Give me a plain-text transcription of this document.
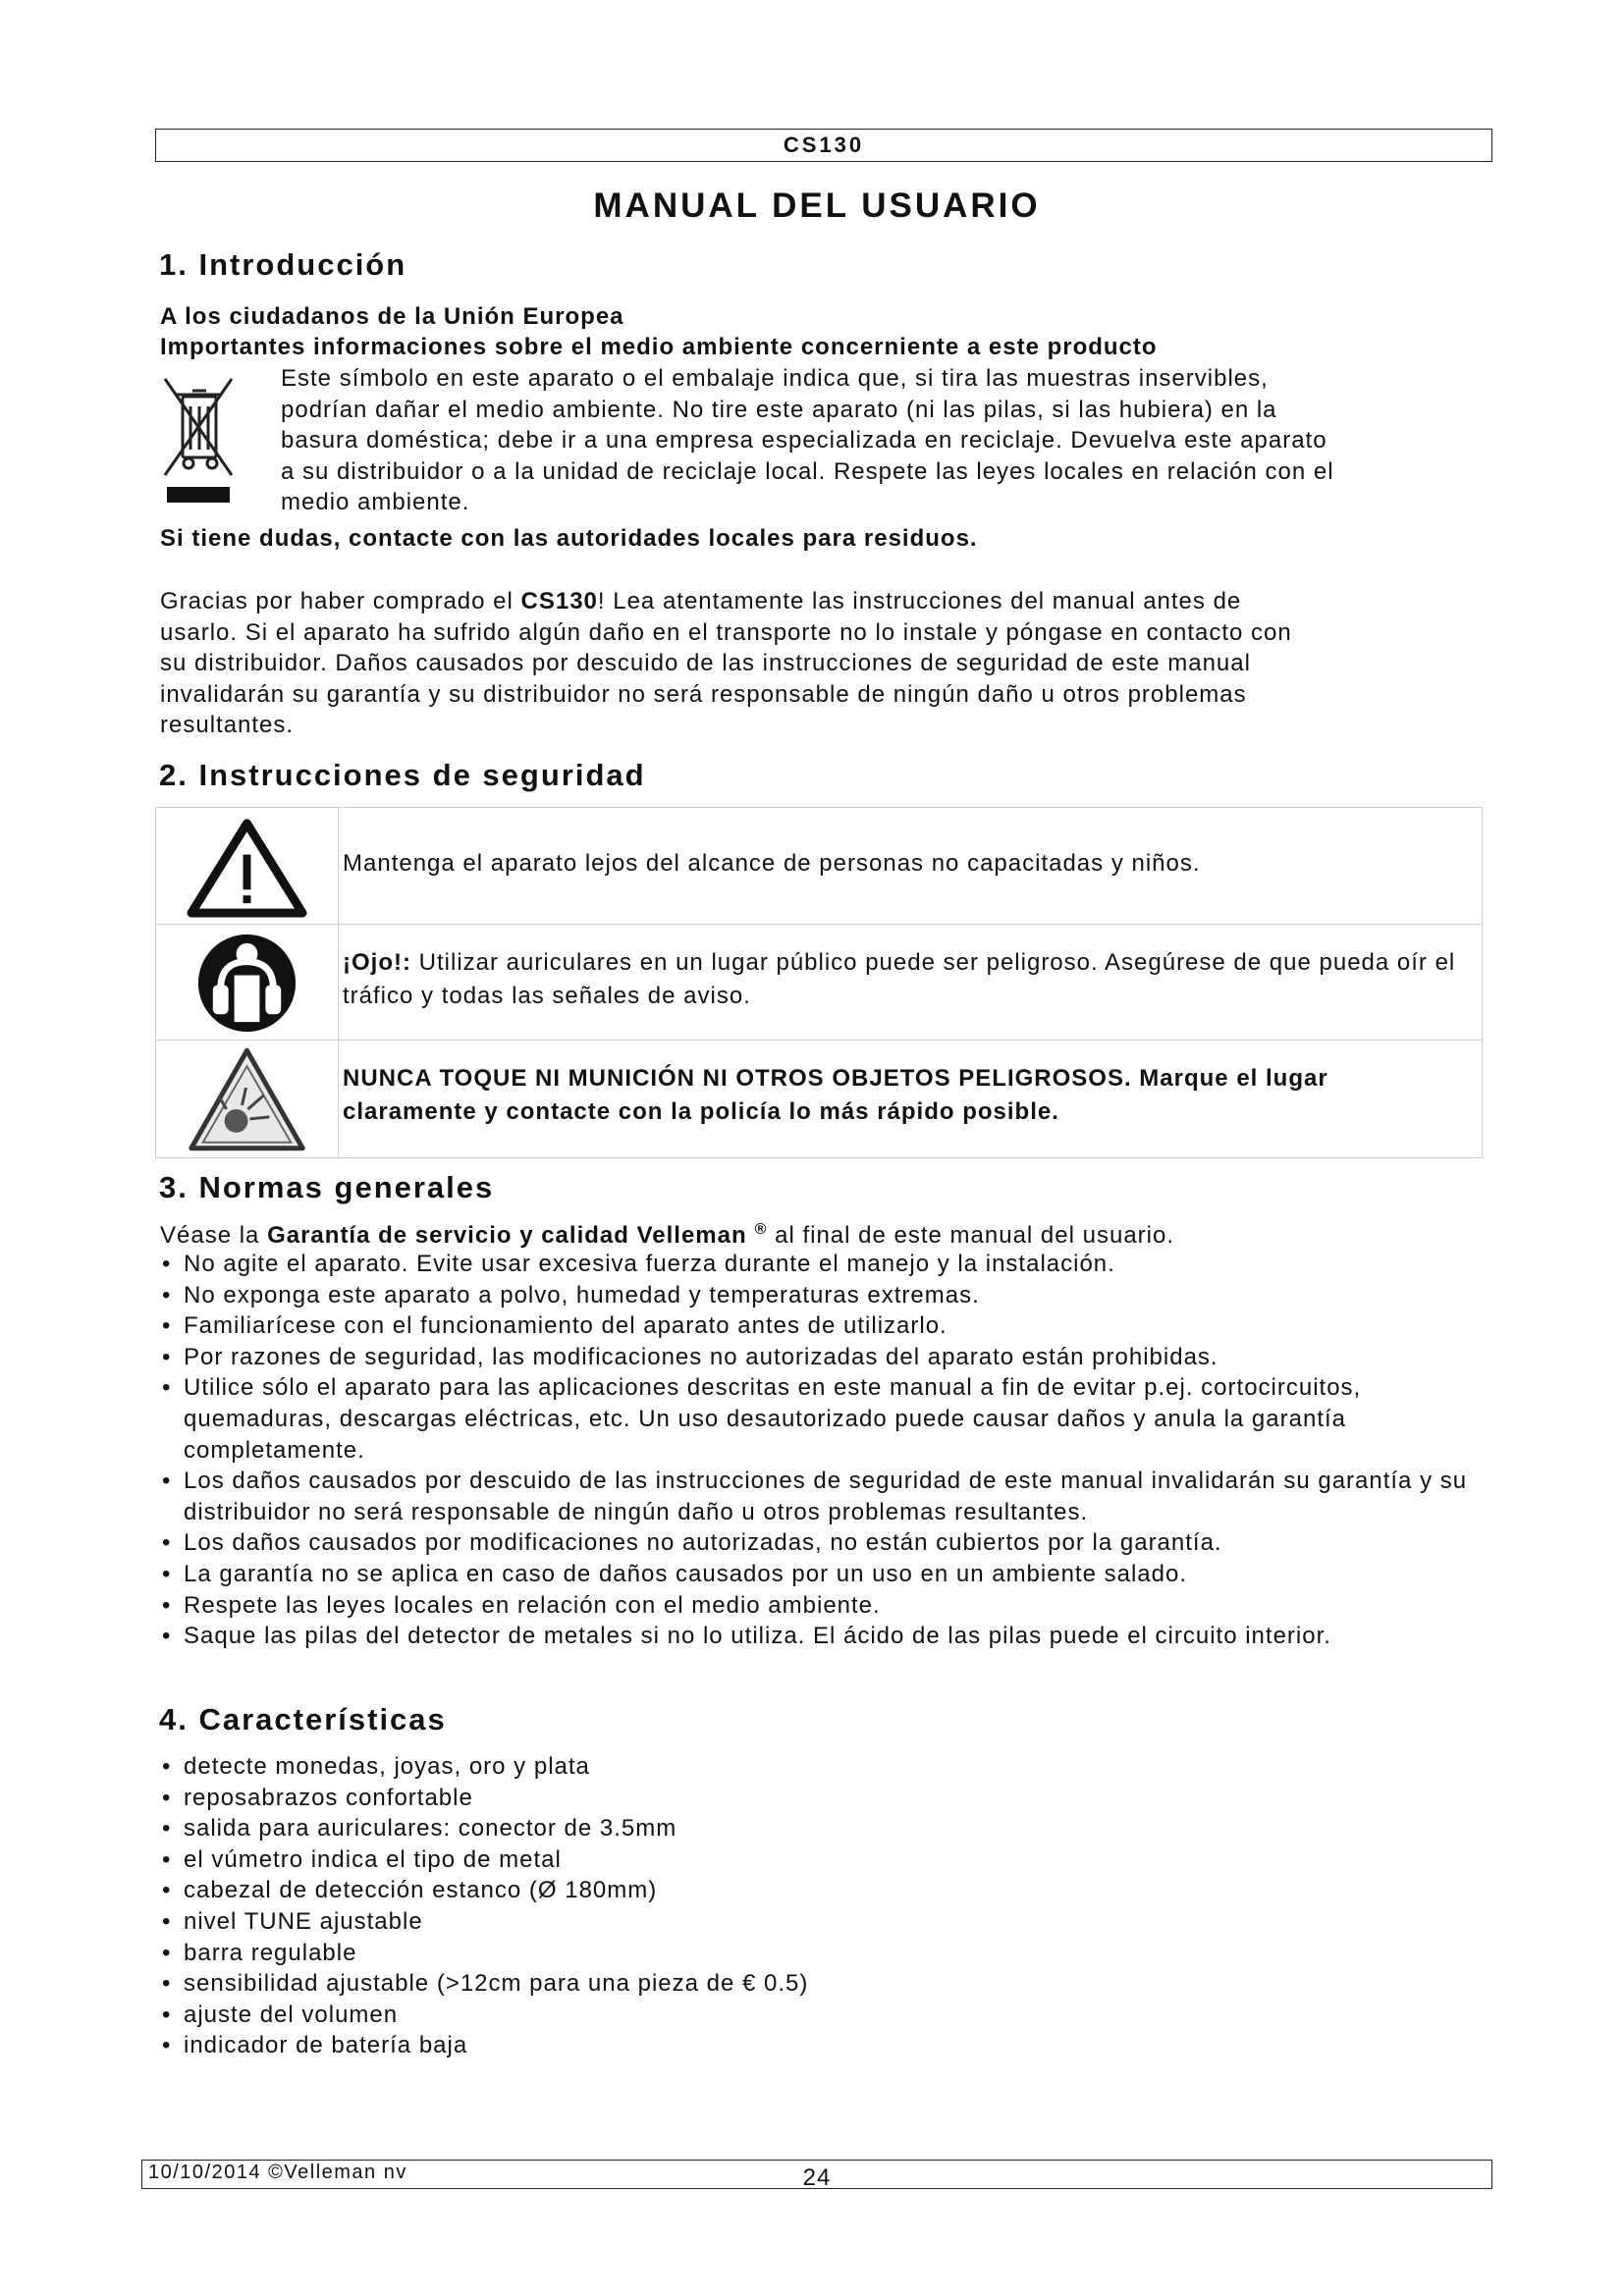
CS130
MANUAL DEL USUARIO
1. Introducción
A los ciudadanos de la Unión Europea
Importantes informaciones sobre el medio ambiente concerniente a este producto

Este símbolo en este aparato o el embalaje indica que, si tira las muestras inservibles,

podrían dañar el medio ambiente. No tire este aparato (ni las pilas, si las hubiera) en la

basura doméstica; debe ir a una empresa especializada en reciclaje. Devuelva este aparato

a su distribuidor o a la unidad de reciclaje local. Respete las leyes locales en relación con el

medio ambiente.

Si tiene dudas, contacte con las autoridades locales para residuos.

Gracias por haber comprado el CS130! Lea atentamente las instrucciones del manual antes de

usarlo. Si el aparato ha sufrido algún daño en el transporte no lo instale y póngase en contacto con

su distribuidor. Daños causados por descuido de las instrucciones de seguridad de este manual

invalidarán su garantía y su distribuidor no será responsable de ningún daño u otros problemas

resultantes.

2. Instrucciones de seguridad
Mantenga el aparato lejos del alcance de personas no capacitadas y niños.
¡Ojo!: Utilizar auriculares en un lugar público puede ser peligroso. Asegúrese de que pueda oír el tráfico y todas las señales de aviso.
NUNCA TOQUE NI MUNICIÓN NI OTROS OBJETOS PELIGROSOS. Marque el lugar claramente y contacte con la policía lo más rápido posible.
3. Normas generales
Véase la Garantía de servicio y calidad Velleman ® al final de este manual del usuario.
• No agite el aparato. Evite usar excesiva fuerza durante el manejo y la instalación.
• No exponga este aparato a polvo, humedad y temperaturas extremas.
• Familiarícese con el funcionamiento del aparato antes de utilizarlo.
• Por razones de seguridad, las modificaciones no autorizadas del aparato están prohibidas.
• Utilice sólo el aparato para las aplicaciones descritas en este manual a fin de evitar p.ej. cortocircuitos, quemaduras, descargas eléctricas, etc. Un uso desautorizado puede causar daños y anula la garantía completamente.
• Los daños causados por descuido de las instrucciones de seguridad de este manual invalidarán su garantía y su distribuidor no será responsable de ningún daño u otros problemas resultantes.
• Los daños causados por modificaciones no autorizadas, no están cubiertos por la garantía.
• La garantía no se aplica en caso de daños causados por un uso en un ambiente salado.
• Respete las leyes locales en relación con el medio ambiente.
• Saque las pilas del detector de metales si no lo utiliza. El ácido de las pilas puede el circuito interior.
4. Características
• detecte monedas, joyas, oro y plata
• reposabrazos confortable
• salida para auriculares: conector de 3.5mm
• el vúmetro indica el tipo de metal
• cabezal de detección estanco (Ø 180mm)
• nivel TUNE ajustable
• barra regulable
• sensibilidad ajustable (>12cm para una pieza de € 0.5)
• ajuste del volumen
• indicador de batería baja
10/10/2014 ©Velleman nv	24
